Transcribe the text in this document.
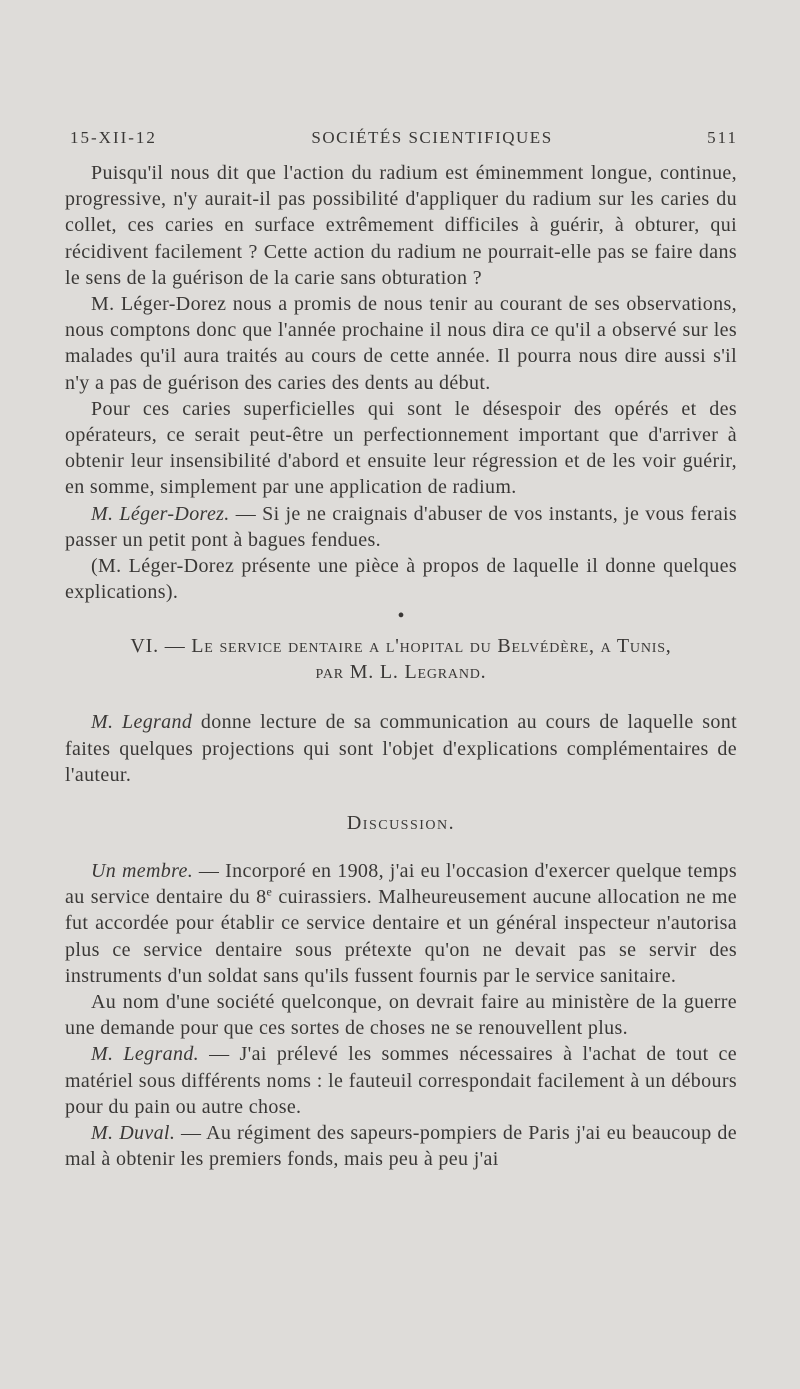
15-XII-12	SOCIÉTÉS SCIENTIFIQUES	511

Puisqu'il nous dit que l'action du radium est éminemment longue, continue, progressive, n'y aurait-il pas possibilité d'appliquer du radium sur les caries du collet, ces caries en surface extrêmement difficiles à guérir, à obturer, qui récidivent facilement ? Cette action du radium ne pourrait-elle pas se faire dans le sens de la guérison de la carie sans obturation ?

M. Léger-Dorez nous a promis de nous tenir au courant de ses observations, nous comptons donc que l'année prochaine il nous dira ce qu'il a observé sur les malades qu'il aura traités au cours de cette année. Il pourra nous dire aussi s'il n'y a pas de guérison des caries des dents au début.

Pour ces caries superficielles qui sont le désespoir des opérés et des opérateurs, ce serait peut-être un perfectionnement important que d'arriver à obtenir leur insensibilité d'abord et ensuite leur régression et de les voir guérir, en somme, simplement par une application de radium.

M. Léger-Dorez. — Si je ne craignais d'abuser de vos instants, je vous ferais passer un petit pont à bagues fendues.

(M. Léger-Dorez présente une pièce à propos de laquelle il donne quelques explications).

•
VI. — Le service dentaire a l'hopital du Belvédère, a Tunis,
par M. L. Legrand.

M. Legrand donne lecture de sa communication au cours de laquelle sont faites quelques projections qui sont l'objet d'explications complémentaires de l'auteur.

Discussion.

Un membre. — Incorporé en 1908, j'ai eu l'occasion d'exercer quelque temps au service dentaire du 8e cuirassiers. Malheureusement aucune allocation ne me fut accordée pour établir ce service dentaire et un général inspecteur n'autorisa plus ce service dentaire sous prétexte qu'on ne devait pas se servir des instruments d'un soldat sans qu'ils fussent fournis par le service sanitaire.

Au nom d'une société quelconque, on devrait faire au ministère de la guerre une demande pour que ces sortes de choses ne se renouvellent plus.

M. Legrand. — J'ai prélevé les sommes nécessaires à l'achat de tout ce matériel sous différents noms : le fauteuil correspondait facilement à un débours pour du pain ou autre chose.

M. Duval. — Au régiment des sapeurs-pompiers de Paris j'ai eu beaucoup de mal à obtenir les premiers fonds, mais peu à peu j'ai
